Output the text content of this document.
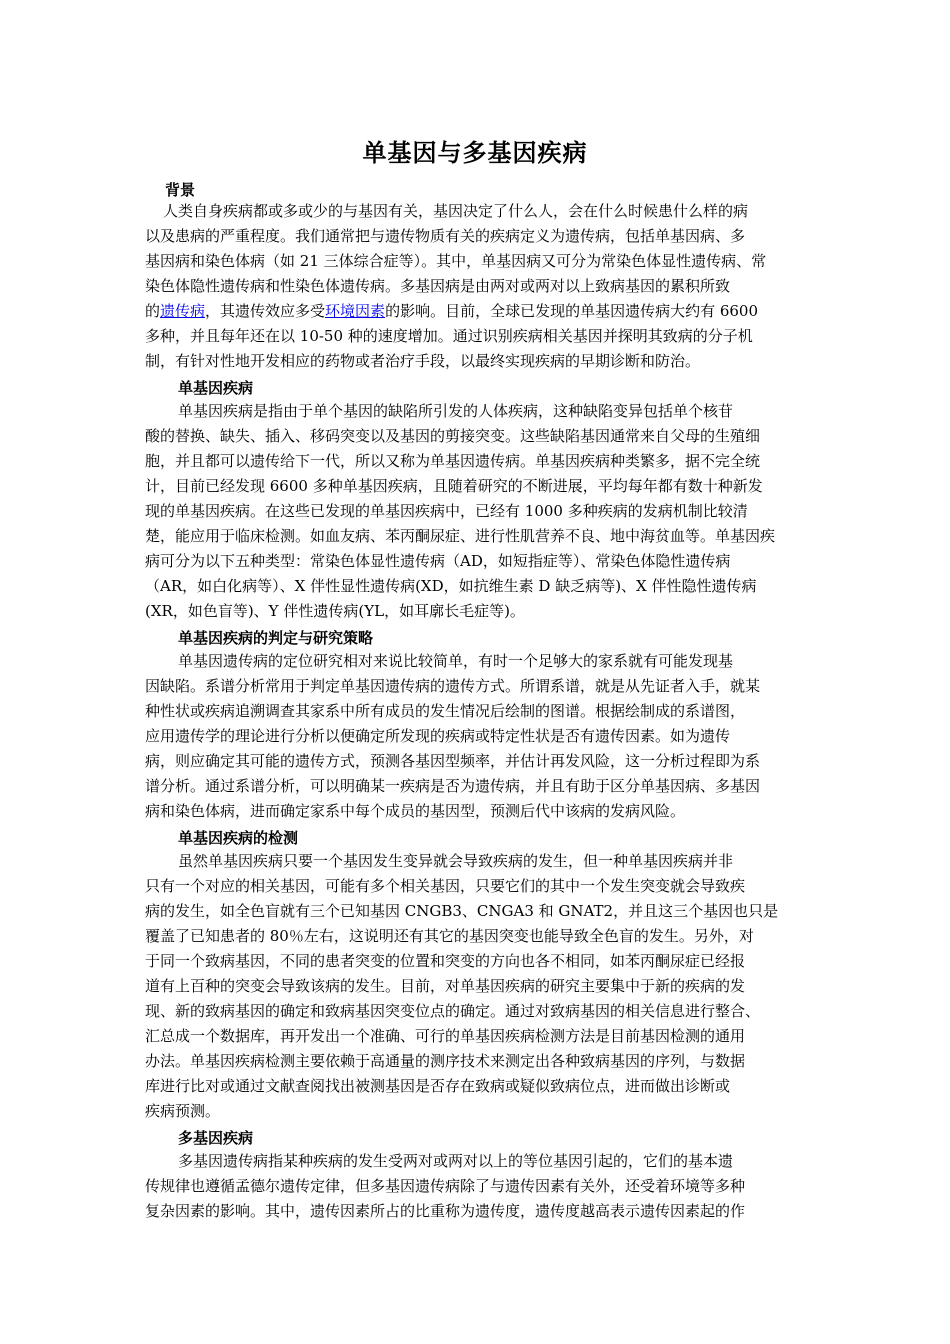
单基因与多基因疾病
背景
人类自身疾病都或多或少的与基因有关，基因决定了什么人，会在什么时候患什么样的病
以及患病的严重程度。我们通常把与遗传物质有关的疾病定义为遗传病，包括单基因病、多
基因病和染色体病（如 21 三体综合症等）。其中，单基因病又可分为常染色体显性遗传病、常
染色体隐性遗传病和性染色体遗传病。多基因病是由两对或两对以上致病基因的累积所致
的遗传病，其遗传效应多受环境因素的影响。目前，全球已发现的单基因遗传病大约有 6600
多种，并且每年还在以 10-50 种的速度增加。通过识别疾病相关基因并探明其致病的分子机
制，有针对性地开发相应的药物或者治疗手段，以最终实现疾病的早期诊断和防治。
单基因疾病
单基因疾病是指由于单个基因的缺陷所引发的人体疾病，这种缺陷变异包括单个核苷
酸的替换、缺失、插入、移码突变以及基因的剪接突变。这些缺陷基因通常来自父母的生殖细
胞，并且都可以遗传给下一代，所以又称为单基因遗传病。单基因疾病种类繁多，据不完全统
计，目前已经发现 6600 多种单基因疾病，且随着研究的不断进展，平均每年都有数十种新发
现的单基因疾病。在这些已发现的单基因疾病中，已经有 1000 多种疾病的发病机制比较清
楚，能应用于临床检测。如血友病、苯丙酮尿症、进行性肌营养不良、地中海贫血等。单基因疾
病可分为以下五种类型：常染色体显性遗传病（AD，如短指症等）、常染色体隐性遗传病
（AR，如白化病等）、X 伴性显性遗传病(XD，如抗维生素 D 缺乏病等)、X 伴性隐性遗传病
(XR，如色盲等)、Y 伴性遗传病(YL，如耳廓长毛症等)。
单基因疾病的判定与研究策略
单基因遗传病的定位研究相对来说比较简单，有时一个足够大的家系就有可能发现基
因缺陷。系谱分析常用于判定单基因遗传病的遗传方式。所谓系谱，就是从先证者入手，就某
种性状或疾病追溯调查其家系中所有成员的发生情况后绘制的图谱。根据绘制成的系谱图，
应用遗传学的理论进行分析以便确定所发现的疾病或特定性状是否有遗传因素。如为遗传
病，则应确定其可能的遗传方式，预测各基因型频率，并估计再发风险，这一分析过程即为系
谱分析。通过系谱分析，可以明确某一疾病是否为遗传病，并且有助于区分单基因病、多基因
病和染色体病，进而确定家系中每个成员的基因型，预测后代中该病的发病风险。
单基因疾病的检测
虽然单基因疾病只要一个基因发生变异就会导致疾病的发生，但一种单基因疾病并非
只有一个对应的相关基因，可能有多个相关基因，只要它们的其中一个发生突变就会导致疾
病的发生，如全色盲就有三个已知基因 CNGB3、CNGA3 和 GNAT2，并且这三个基因也只是
覆盖了已知患者的 80％左右，这说明还有其它的基因突变也能导致全色盲的发生。另外，对
于同一个致病基因，不同的患者突变的位置和突变的方向也各不相同，如苯丙酮尿症已经报
道有上百种的突变会导致该病的发生。目前，对单基因疾病的研究主要集中于新的疾病的发
现、新的致病基因的确定和致病基因突变位点的确定。通过对致病基因的相关信息进行整合、
汇总成一个数据库，再开发出一个准确、可行的单基因疾病检测方法是目前基因检测的通用
办法。单基因疾病检测主要依赖于高通量的测序技术来测定出各种致病基因的序列，与数据
库进行比对或通过文献查阅找出被测基因是否存在致病或疑似致病位点，进而做出诊断或
疾病预测。
多基因疾病
多基因遗传病指某种疾病的发生受两对或两对以上的等位基因引起的，它们的基本遗
传规律也遵循孟德尔遗传定律，但多基因遗传病除了与遗传因素有关外，还受着环境等多种
复杂因素的影响。其中，遗传因素所占的比重称为遗传度，遗传度越高表示遗传因素起的作
